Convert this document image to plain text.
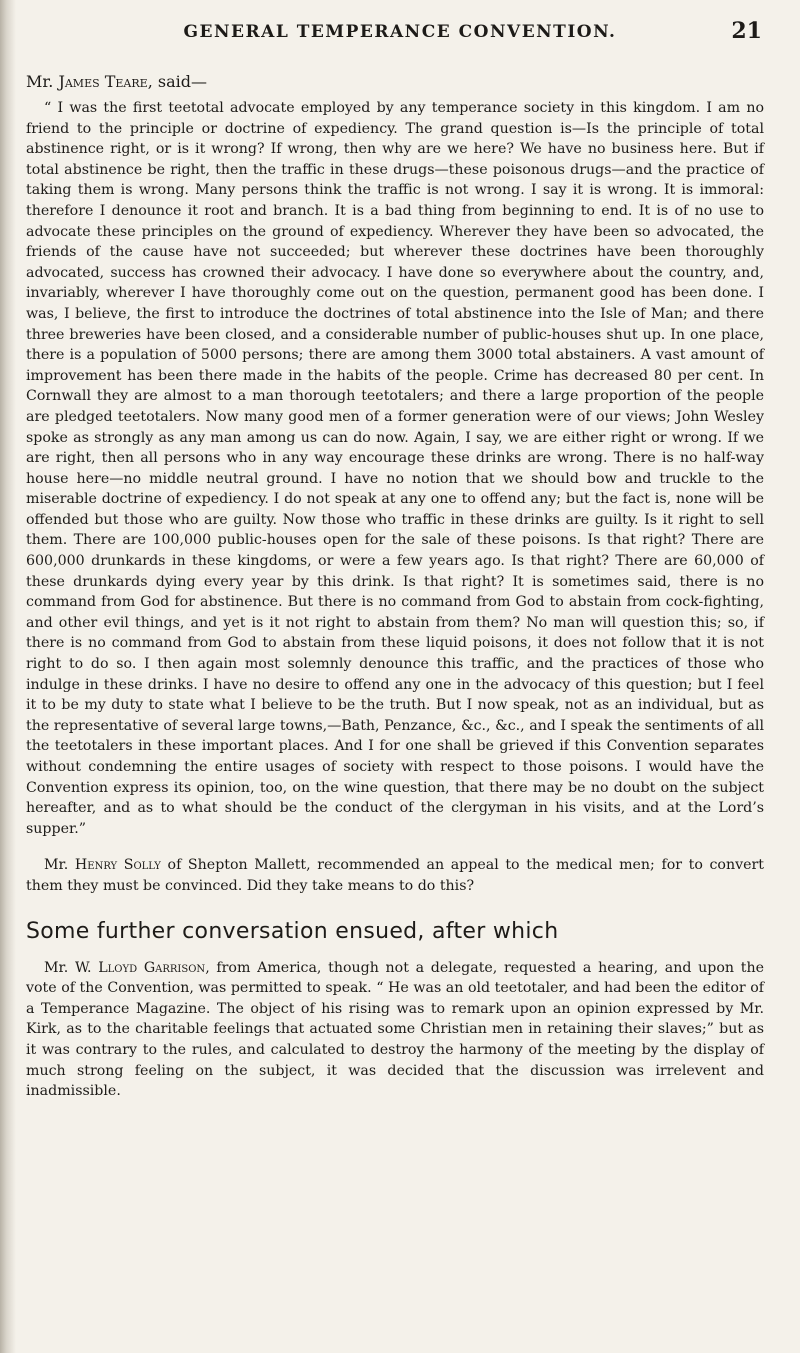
GENERAL TEMPERANCE CONVENTION.	21

Mr. James Teare, said—

“ I was the first teetotal advocate employed by any temperance society in this kingdom. I am no friend to the principle or doctrine of expediency. The grand question is—Is the principle of total abstinence right, or is it wrong? If wrong, then why are we here? We have no business here. But if total abstinence be right, then the traffic in these drugs—these poisonous drugs—and the practice of taking them is wrong. Many persons think the traffic is not wrong. I say it is wrong. It is immoral: therefore I denounce it root and branch. It is a bad thing from beginning to end. It is of no use to advocate these principles on the ground of expediency. Wherever they have been so advocated, the friends of the cause have not succeeded; but wherever these doctrines have been thoroughly advocated, success has crowned their advocacy. I have done so everywhere about the country, and, invariably, wherever I have thoroughly come out on the question, permanent good has been done. I was, I believe, the first to introduce the doctrines of total abstinence into the Isle of Man; and there three breweries have been closed, and a considerable number of public-houses shut up. In one place, there is a population of 5000 persons; there are among them 3000 total abstainers. A vast amount of improvement has been there made in the habits of the people. Crime has decreased 80 per cent. In Cornwall they are almost to a man thorough teetotalers; and there a large proportion of the people are pledged teetotalers. Now many good men of a former generation were of our views; John Wesley spoke as strongly as any man among us can do now. Again, I say, we are either right or wrong. If we are right, then all persons who in any way encourage these drinks are wrong. There is no half-way house here—no middle neutral ground. I have no notion that we should bow and truckle to the miserable doctrine of expediency. I do not speak at any one to offend any; but the fact is, none will be offended but those who are guilty. Now those who traffic in these drinks are guilty. Is it right to sell them. There are 100,000 public-houses open for the sale of these poisons. Is that right? There are 600,000 drunkards in these kingdoms, or were a few years ago. Is that right? There are 60,000 of these drunkards dying every year by this drink. Is that right? It is sometimes said, there is no command from God for abstinence. But there is no command from God to abstain from cock-fighting, and other evil things, and yet is it not right to abstain from them? No man will question this; so, if there is no command from God to abstain from these liquid poisons, it does not follow that it is not right to do so. I then again most solemnly denounce this traffic, and the practices of those who indulge in these drinks. I have no desire to offend any one in the advocacy of this question; but I feel it to be my duty to state what I believe to be the truth. But I now speak, not as an individual, but as the representative of several large towns,—Bath, Penzance, &c., &c., and I speak the sentiments of all the teetotalers in these important places. And I for one shall be grieved if this Convention separates without condemning the entire usages of society with respect to those poisons. I would have the Convention express its opinion, too, on the wine question, that there may be no doubt on the subject hereafter, and as to what should be the conduct of the clergyman in his visits, and at the Lord’s supper.”

Mr. Henry Solly of Shepton Mallett, recommended an appeal to the medical men; for to convert them they must be convinced. Did they take means to do this?

Some further conversation ensued, after which

Mr. W. Lloyd Garrison, from America, though not a delegate, requested a hearing, and upon the vote of the Convention, was permitted to speak. “ He was an old teetotaler, and had been the editor of a Temperance Magazine. The object of his rising was to remark upon an opinion expressed by Mr. Kirk, as to the charitable feelings that actuated some Christian men in retaining their slaves;” but as it was contrary to the rules, and calculated to destroy the harmony of the meeting by the display of much strong feeling on the subject, it was decided that the discussion was irrelevent and inadmissible.
